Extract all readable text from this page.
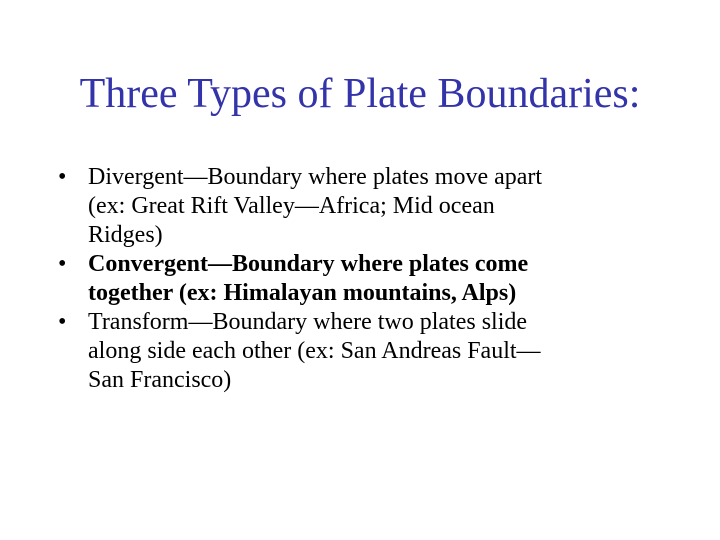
Three Types of Plate Boundaries:
• Divergent—Boundary where plates move apart
(ex: Great Rift Valley—Africa; Mid ocean
Ridges)
• Convergent—Boundary where plates come
together (ex: Himalayan mountains, Alps)
• Transform—Boundary where two plates slide
along side each other (ex: San Andreas Fault—
San Francisco)
